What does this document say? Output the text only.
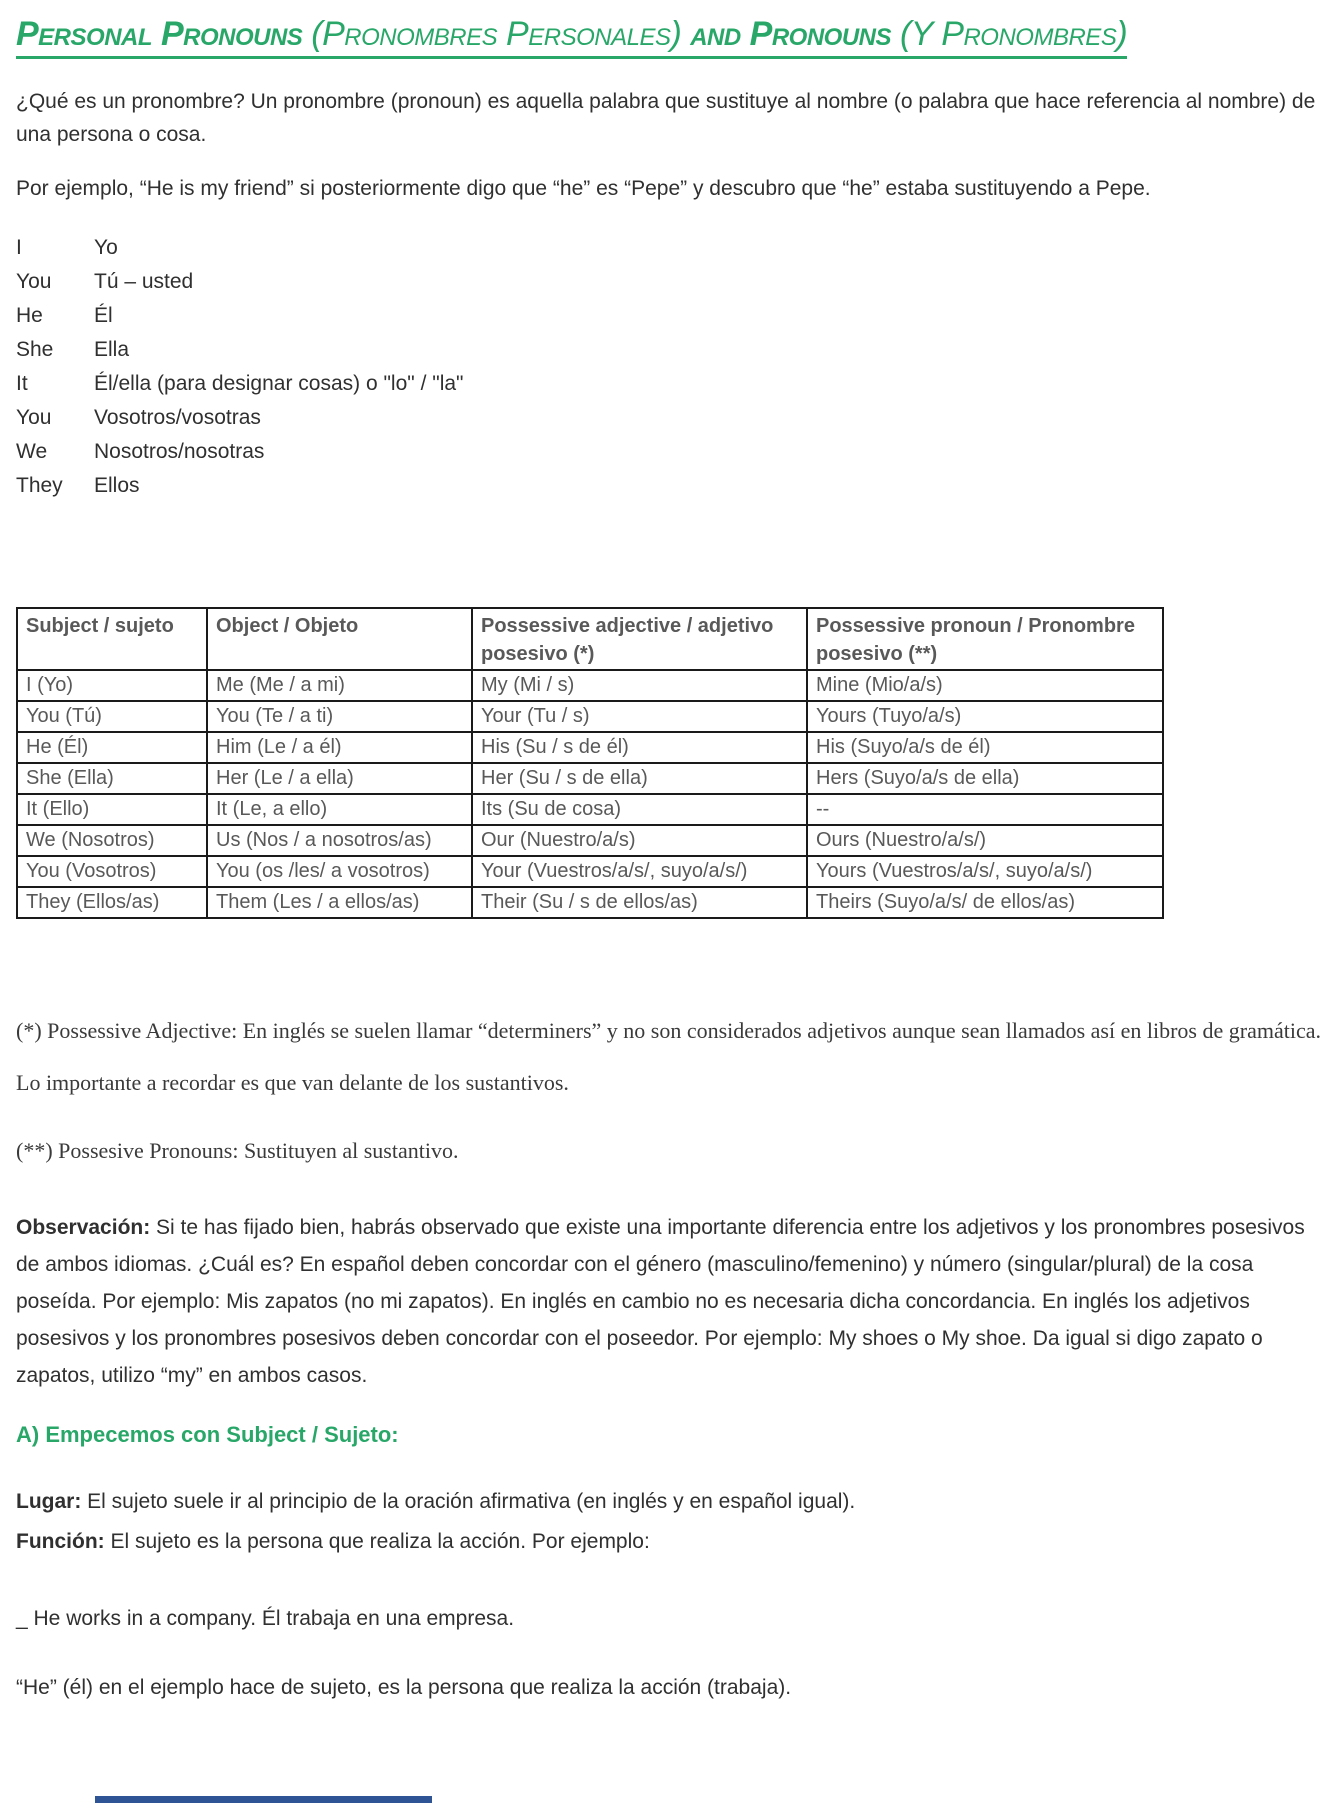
Personal Pronouns (Pronombres Personales) and Pronouns (Y Pronombres)

¿Qué es un pronombre? Un pronombre (pronoun) es aquella palabra que sustituye al nombre (o palabra que hace referencia al nombre) de una persona o cosa.

Por ejemplo, “He is my friend” si posteriormente digo que “he” es “Pepe” y descubro que “he” estaba sustituyendo a Pepe.

I	Yo
You Tú – usted
He Él
She Ella
It	Él/ella (para designar cosas) o "lo" / "la"
You Vosotros/vosotras
We Nosotros/nosotras
They Ellos
Subject / sujeto	Object / Objeto	Possessive adjective / adjetivo posesivo (*)	Possessive pronoun / Pronombre posesivo (**)
I (Yo)	Me (Me / a mi)	My (Mi / s)	Mine (Mio/a/s)
You (Tú)	You (Te / a ti)	Your (Tu / s)	Yours (Tuyo/a/s)
He (Él)	Him (Le / a él)	His (Su / s de él)	His (Suyo/a/s de él)
She (Ella)	Her (Le / a ella)	Her (Su / s de ella)	Hers (Suyo/a/s de ella)
It (Ello)	It (Le, a ello)	Its (Su de cosa)	--
We (Nosotros)	Us (Nos / a nosotros/as)	Our (Nuestro/a/s)	Ours (Nuestro/a/s/)
You (Vosotros)	You (os /les/ a vosotros)	Your (Vuestros/a/s/, suyo/a/s/)	Yours (Vuestros/a/s/, suyo/a/s/)
They (Ellos/as)	Them (Les / a ellos/as)	Their (Su / s de ellos/as)	Theirs (Suyo/a/s/ de ellos/as)

(*) Possessive Adjective: En inglés se suelen llamar “determiners” y no son considerados adjetivos aunque sean llamados así en libros de gramática. Lo importante a recordar es que van delante de los sustantivos.

(**) Possesive Pronouns: Sustituyen al sustantivo.

Observación: Si te has fijado bien, habrás observado que existe una importante diferencia entre los adjetivos y los pronombres posesivos de ambos idiomas. ¿Cuál es? En español deben concordar con el género (masculino/femenino) y número (singular/plural) de la cosa poseída. Por ejemplo: Mis zapatos (no mi zapatos). En inglés en cambio no es necesaria dicha concordancia. En inglés los adjetivos posesivos y los pronombres posesivos deben concordar con el poseedor. Por ejemplo: My shoes o My shoe. Da igual si digo zapato o zapatos, utilizo “my” en ambos casos.

A) Empecemos con Subject / Sujeto:

Lugar: El sujeto suele ir al principio de la oración afirmativa (en inglés y en español igual).

Función: El sujeto es la persona que realiza la acción. Por ejemplo:

_ He works in a company. Él trabaja en una empresa.

“He” (él) en el ejemplo hace de sujeto, es la persona que realiza la acción (trabaja).
